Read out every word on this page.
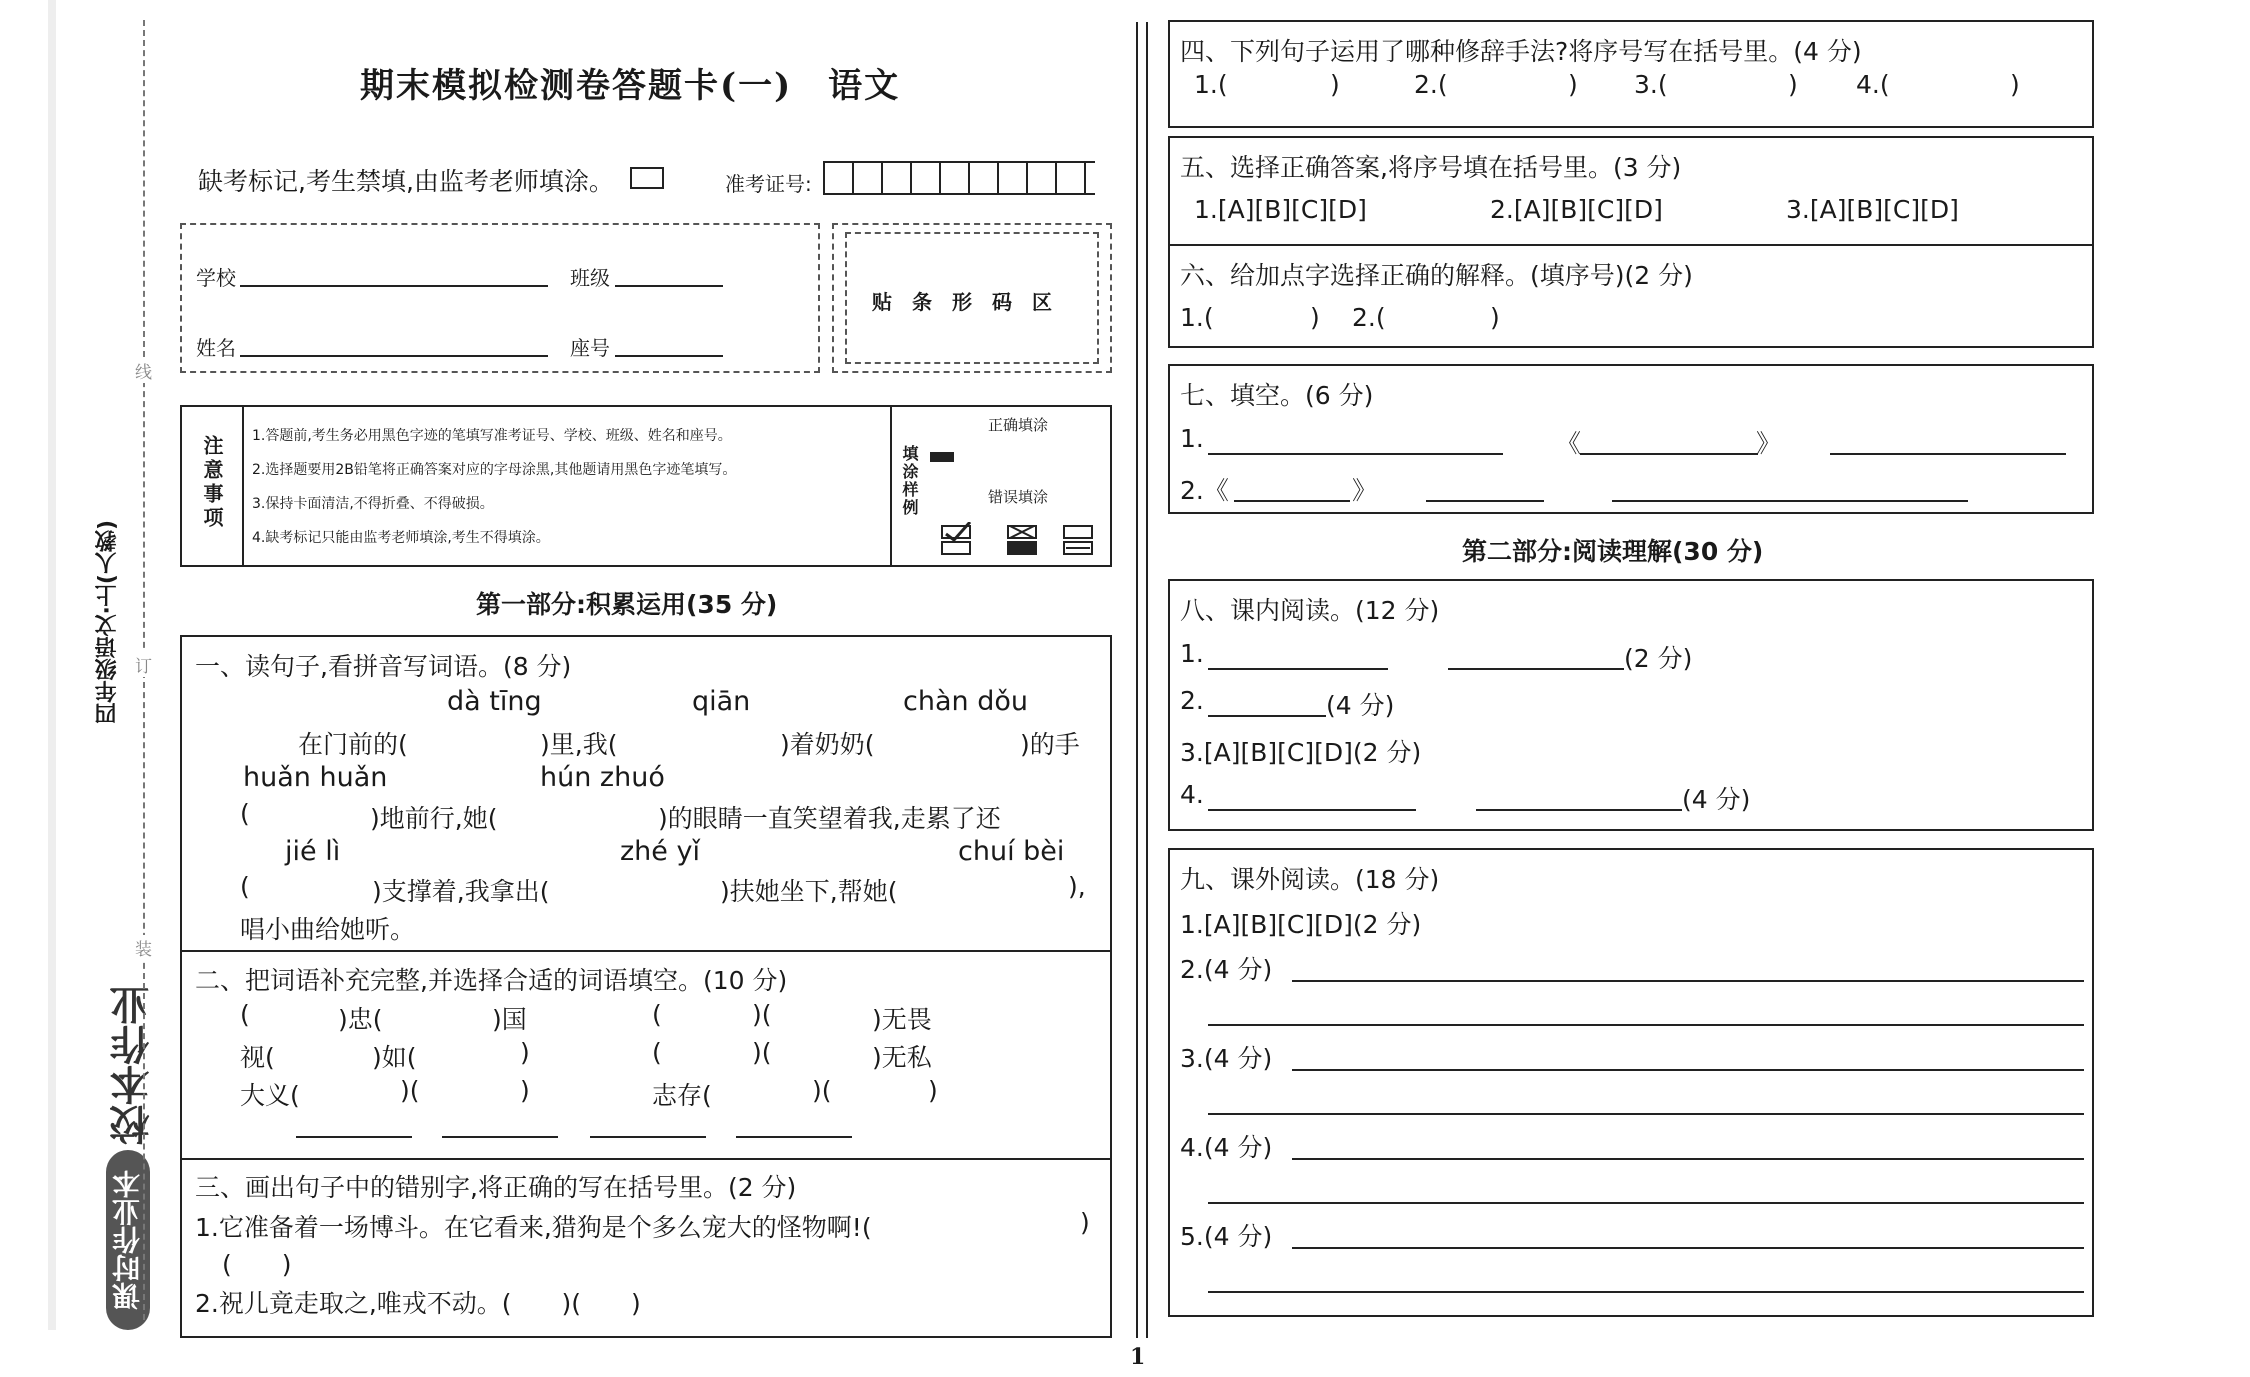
课时作业本
校本作业
四年级语文·上(人教)
线
订
装
期末模拟检测卷答题卡(一)　语文
缺考标记,考生禁填,由监考老师填涂。	准考证号:
学校	班级
姓名	座号
贴　条　形　码　区
注意事项 1.答题前,考生务必用黑色字迹的笔填写准考证号、学校、班级、姓名和座号。
2.选择题要用2B铅笔将正确答案对应的字母涂黑,其他题请用黑色字迹笔填写。
3.保持卡面清洁,不得折叠、不得破损。
4.缺考标记只能由监考老师填涂,考生不得填涂。
填涂样例
正确填涂
错误填涂
第一部分:积累运用(35 分)
一、读句子,看拼音写词语。(8 分)
dà tīng	qiān	chàn dǒu
在门前的(	)里,我(	)着奶奶(	)的手
huǎn huǎn	hún zhuó
(	)地前行,她(	)的眼睛一直笑望着我,走累了还
jié lì	zhé yǐ	chuí bèi
(	)支撑着,我拿出(	)扶她坐下,帮她(	),
唱小曲给她听。
二、把词语补充完整,并选择合适的词语填空。(10 分)
(	)忠(	)国	(	)(	)无畏
视(	)如(	)	(	)(	)无私
大义(	)(	)	志存(	)(	)
三、画出句子中的错别字,将正确的写在括号里。(2 分)
1.它准备着一场博斗。在它看来,猎狗是个多么宠大的怪物啊!(	)
(　　)
2.祝儿竟走取之,唯戎不动。(　　)(　　)
1
四、下列句子运用了哪种修辞手法?将序号写在括号里。(4 分)
1.(	)	2.(	) 3.(	) 4.(	)
五、选择正确答案,将序号填在括号里。(3 分)
1.[A][B][C][D]	2.[A][B][C][D]	3.[A][B][C][D]
六、给加点字选择正确的解释。(填序号)(2 分)
1.(	) 2.(	)
七、填空。(6 分)
1.	《	》
2.《	》
第二部分:阅读理解(30 分)
八、课内阅读。(12 分)
1.	(2 分)
2.	(4 分)
3.[A][B][C][D](2 分)
4.	(4 分)
九、课外阅读。(18 分)
1.[A][B][C][D](2 分)
2.(4 分)
3.(4 分)
4.(4 分)
5.(4 分)
